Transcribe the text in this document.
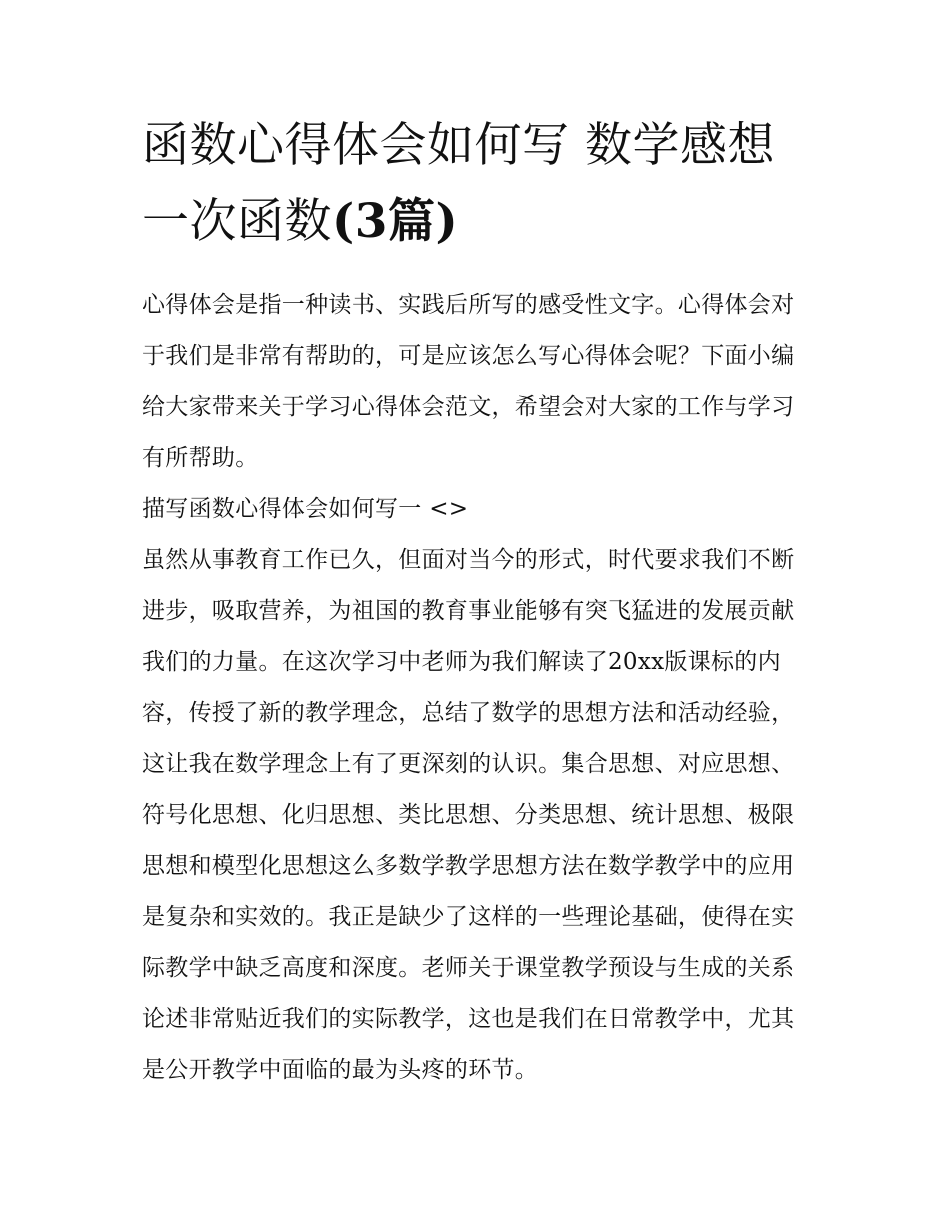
函数心得体会如何写 数学感想一次函数(3篇)

心得体会是指一种读书、实践后所写的感受性文字。心得体会对于我们是非常有帮助的，可是应该怎么写心得体会呢？下面小编给大家带来关于学习心得体会范文，希望会对大家的工作与学习有所帮助。

描写函数心得体会如何写一 <>

虽然从事教育工作已久，但面对当今的形式，时代要求我们不断进步，吸取营养，为祖国的教育事业能够有突飞猛进的发展贡献我们的力量。在这次学习中老师为我们解读了20xx版课标的内容，传授了新的教学理念，总结了数学的思想方法和活动经验，这让我在数学理念上有了更深刻的认识。集合思想、对应思想、符号化思想、化归思想、类比思想、分类思想、统计思想、极限思想和模型化思想这么多数学教学思想方法在数学教学中的应用是复杂和实效的。我正是缺少了这样的一些理论基础，使得在实际教学中缺乏高度和深度。老师关于课堂教学预设与生成的关系论述非常贴近我们的实际教学，这也是我们在日常教学中，尤其是公开教学中面临的最为头疼的环节。
